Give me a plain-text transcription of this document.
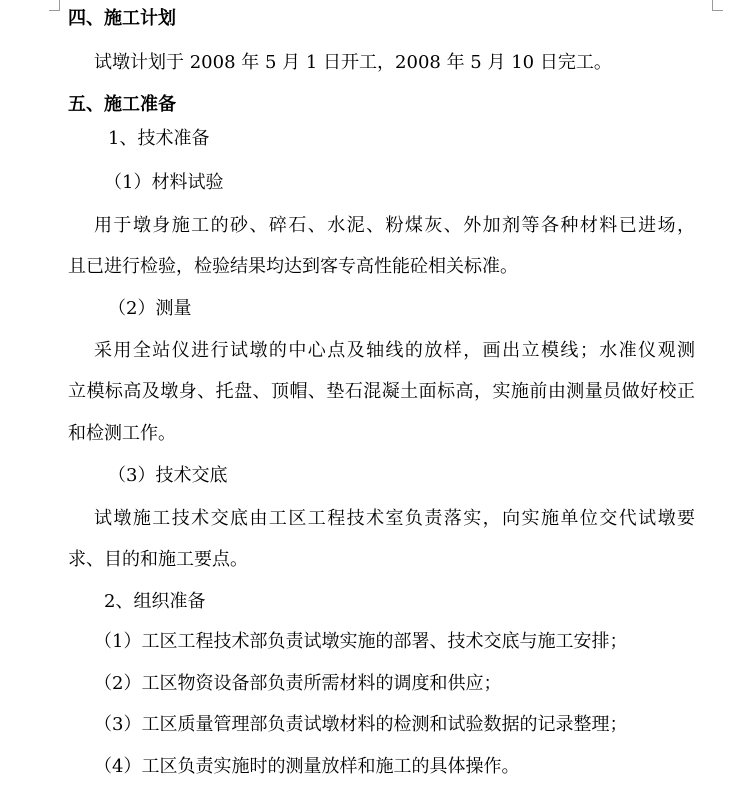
四、施工计划
试墩计划于 2008 年 5 月 1 日开工，2008 年 5 月 10 日完工。
五、施工准备
1、技术准备
（1）材料试验
用于墩身施工的砂、碎石、水泥、粉煤灰、外加剂等各种材料已进场，
且已进行检验，检验结果均达到客专高性能砼相关标准。
（2）测量
采用全站仪进行试墩的中心点及轴线的放样，画出立模线；水准仪观测
立模标高及墩身、托盘、顶帽、垫石混凝土面标高，实施前由测量员做好校正
和检测工作。
（3）技术交底
试墩施工技术交底由工区工程技术室负责落实，向实施单位交代试墩要
求、目的和施工要点。
2、组织准备
（1）工区工程技术部负责试墩实施的部署、技术交底与施工安排；
（2）工区物资设备部负责所需材料的调度和供应；
（3）工区质量管理部负责试墩材料的检测和试验数据的记录整理；
（4）工区负责实施时的测量放样和施工的具体操作。
